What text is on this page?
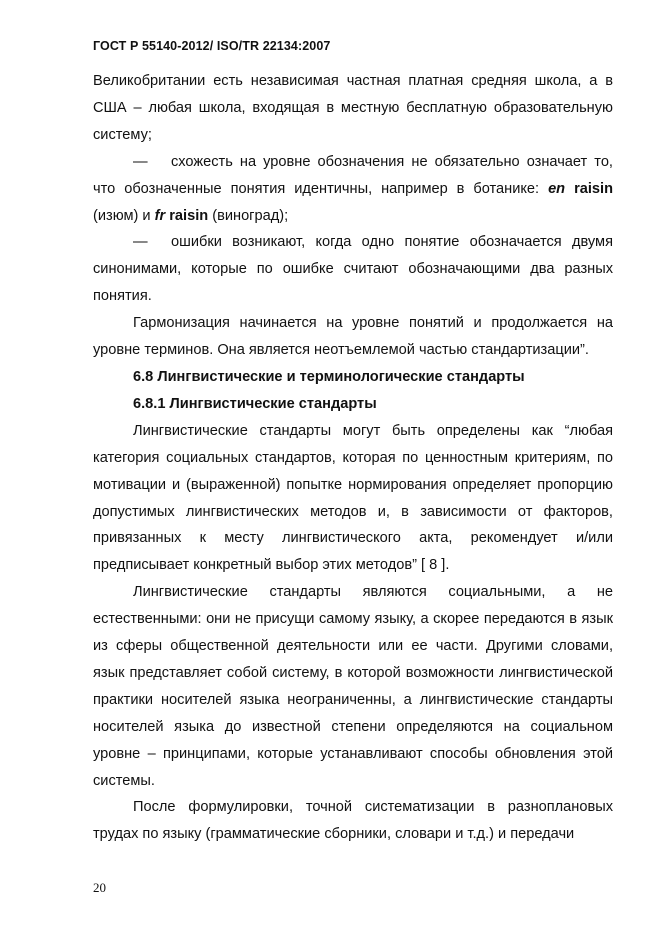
ГОСТ Р 55140-2012/ ISO/TR 22134:2007

Великобритании есть независимая частная платная средняя школа, а в США – любая школа, входящая в местную бесплатную образовательную систему;

— схожесть на уровне обозначения не обязательно означает то, что обозначенные понятия идентичны, например в ботанике: en raisin (изюм) и fr raisin (виноград);

— ошибки возникают, когда одно понятие обозначается двумя синонимами, которые по ошибке считают обозначающими два разных понятия.

Гармонизация начинается на уровне понятий и продолжается на уровне терминов. Она является неотъемлемой частью стандартизации”.

6.8 Лингвистические и терминологические стандарты

6.8.1 Лингвистические стандарты

Лингвистические стандарты могут быть определены как “любая категория социальных стандартов, которая по ценностным критериям, по мотивации и (выраженной) попытке нормирования определяет пропорцию допустимых лингвистических методов и, в зависимости от факторов, привязанных к месту лингвистического акта, рекомендует и/или предписывает конкретный выбор этих методов” [ 8 ].

Лингвистические стандарты являются социальными, а не естественными: они не присущи самому языку, а скорее передаются в язык из сферы общественной деятельности или ее части. Другими словами, язык представляет собой систему, в которой возможности лингвистической практики носителей языка неограниченны, а лингвистические стандарты носителей языка до известной степени определяются на социальном уровне – принципами, которые устанавливают способы обновления этой системы.

После формулировки, точной систематизации в разноплановых трудах по языку (грамматические сборники, словари и т.д.) и передачи

20
